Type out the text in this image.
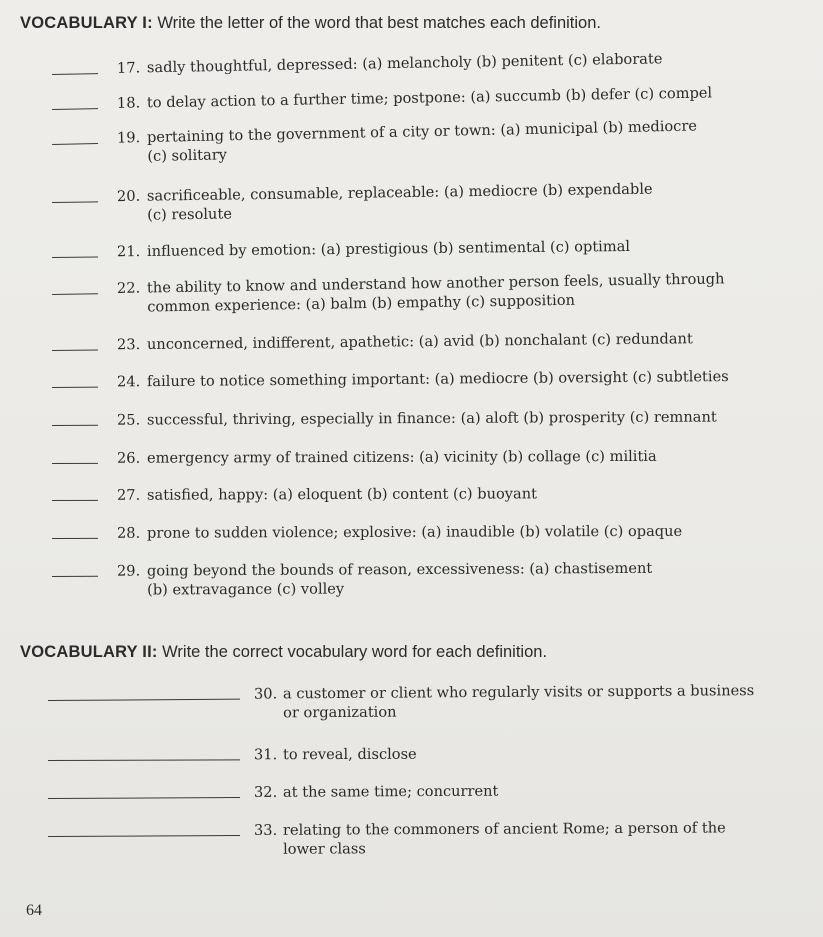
VOCABULARY I: Write the letter of the word that best matches each definition.
17. sadly thoughtful, depressed: (a) melancholy (b) penitent (c) elaborate
18. to delay action to a further time; postpone: (a) succumb (b) defer (c) compel
19. pertaining to the government of a city or town: (a) municipal (b) mediocre
(c) solitary
20. sacrificeable, consumable, replaceable: (a) mediocre (b) expendable
(c) resolute
21. influenced by emotion: (a) prestigious (b) sentimental (c) optimal
22. the ability to know and understand how another person feels, usually through
common experience: (a) balm (b) empathy (c) supposition
23. unconcerned, indifferent, apathetic: (a) avid (b) nonchalant (c) redundant
24. failure to notice something important: (a) mediocre (b) oversight (c) subtleties
25. successful, thriving, especially in finance: (a) aloft (b) prosperity (c) remnant
26. emergency army of trained citizens: (a) vicinity (b) collage (c) militia
27. satisfied, happy: (a) eloquent (b) content (c) buoyant
28. prone to sudden violence; explosive: (a) inaudible (b) volatile (c) opaque
29. going beyond the bounds of reason, excessiveness: (a) chastisement
(b) extravagance (c) volley
VOCABULARY II: Write the correct vocabulary word for each definition.
30. a customer or client who regularly visits or supports a business
or organization
31. to reveal, disclose
32. at the same time; concurrent
33. relating to the commoners of ancient Rome; a person of the
lower class
64
